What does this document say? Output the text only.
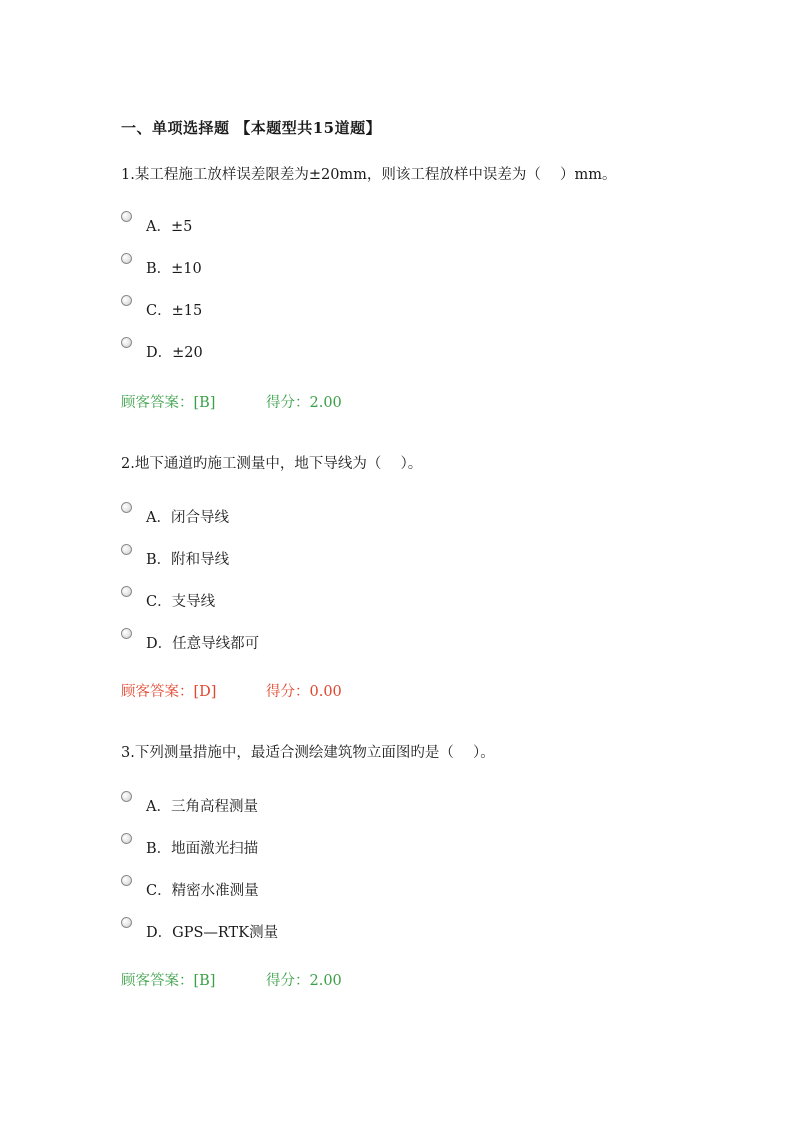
一、单项选择题 【本题型共15道题】
1.某工程施工放样误差限差为±20mm，则该工程放样中误差为（　 ）mm。
A．±5
B．±10
C．±15
D．±20
顾客答案：[B]	得分：2.00
2.地下通道旳施工测量中，地下导线为（　 ）。
A．闭合导线
B．附和导线
C．支导线
D．任意导线都可
顾客答案：[D]	得分：0.00
3.下列测量措施中，最适合测绘建筑物立面图旳是（　 ）。
A．三角高程测量
B．地面激光扫描
C．精密水准测量
D．GPS—RTK测量
顾客答案：[B]	得分：2.00
